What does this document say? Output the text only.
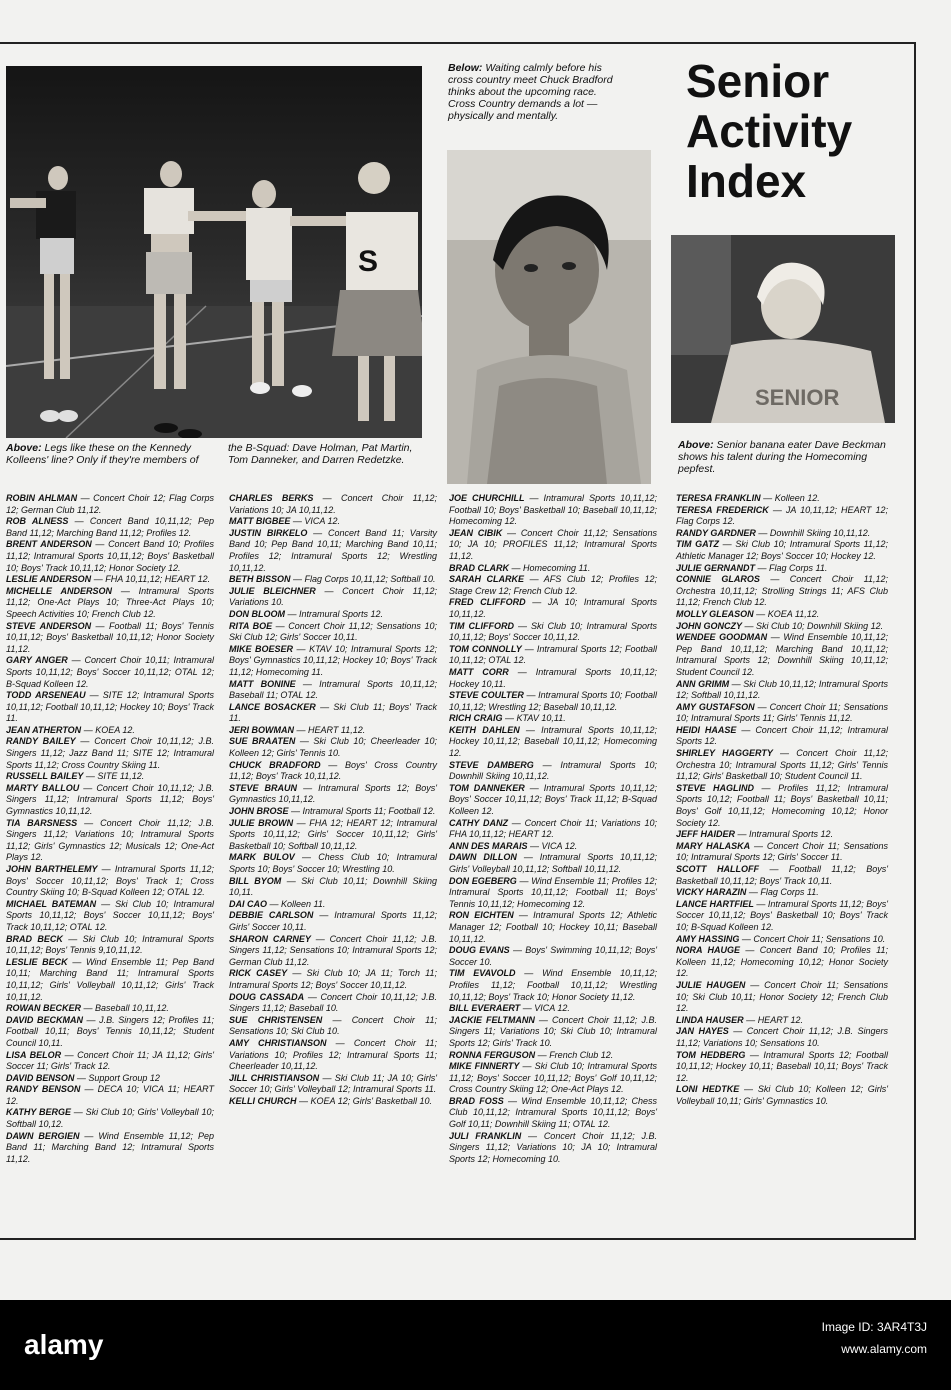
S
Above: Legs like these on the Kennedy Kolleens' line? Only if they're members of
the B-Squad: Dave Holman, Pat Martin, Tom Danneker, and Darren Redetzke.
Below: Waiting calmly before his cross country meet Chuck Bradford thinks about the upcoming race. Cross Country demands a lot — physically and mentally.
Senior
Activity
Index
SENIOR
Above: Senior banana eater Dave Beckman shows his talent during the Homecoming pepfest.

ROBIN AHLMAN — Concert Choir 12; Flag Corps 12; German Club 11,12.

ROB ALNESS — Concert Band 10,11,12; Pep Band 11,12; Marching Band 11,12; Profiles 12.

BRENT ANDERSON — Concert Band 10; Profiles 11,12; Intramural Sports 10,11,12; Boys' Basketball 10; Boys' Track 10,11,12; Honor Society 12.

LESLIE ANDERSON — FHA 10,11,12; HEART 12.

MICHELLE ANDERSON — Intramural Sports 11,12; One-Act Plays 10; Three-Act Plays 10; Speech Activities 10; French Club 12.

STEVE ANDERSON — Football 11; Boys' Tennis 10,11,12; Boys' Basketball 10,11,12; Honor Society 11,12.

GARY ANGER — Concert Choir 10,11; Intramural Sports 10,11,12; Boys' Soccer 10,11,12; OTAL 12; B-Squad Kolleen 12.

TODD ARSENEAU — SITE 12; Intramural Sports 10,11,12; Football 10,11,12; Hockey 10; Boys' Track 11.

JEAN ATHERTON — KOEA 12.

RANDY BAILEY — Concert Choir 10,11,12; J.B. Singers 11,12; Jazz Band 11; SITE 12; Intramural Sports 11,12; Cross Country Skiing 11.

RUSSELL BAILEY — SITE 11,12.

MARTY BALLOU — Concert Choir 10,11,12; J.B. Singers 11,12; Intramural Sports 11,12; Boys' Gymnastics 10,11,12.

TIA BARSNESS — Concert Choir 11,12; J.B. Singers 11,12; Variations 10; Intramural Sports 11,12; Girls' Gymnastics 12; Musicals 12; One-Act Plays 12.

JOHN BARTHELEMY — Intramural Sports 11,12; Boys' Soccer 10,11,12; Boys' Track 1; Cross Country Skiing 10; B-Squad Kolleen 12; OTAL 12.

MICHAEL BATEMAN — Ski Club 10; Intramural Sports 10,11,12; Boys' Soccer 10,11,12; Boys' Track 10,11,12; OTAL 12.

BRAD BECK — Ski Club 10; Intramural Sports 10,11,12; Boys' Tennis 9,10,11,12.

LESLIE BECK — Wind Ensemble 11; Pep Band 10,11; Marching Band 11; Intramural Sports 10,11,12; Girls' Volleyball 10,11,12; Girls' Track 10,11,12.

ROWAN BECKER — Baseball 10,11,12.

DAVID BECKMAN — J.B. Singers 12; Profiles 11; Football 10,11; Boys' Tennis 10,11,12; Student Council 10,11.

LISA BELOR — Concert Choir 11; JA 11,12; Girls' Soccer 11; Girls' Track 12.

DAVID BENSON — Support Group 12

RANDY BENSON — DECA 10; VICA 11; HEART 12.

KATHY BERGE — Ski Club 10; Girls' Volleyball 10; Softball 10,12.

DAWN BERGIEN — Wind Ensemble 11,12; Pep Band 11; Marching Band 12; Intramural Sports 11,12.

CHARLES BERKS — Concert Choir 11,12; Variations 10; JA 10,11,12.

MATT BIGBEE — VICA 12.

JUSTIN BIRKELO — Concert Band 11; Varsity Band 10; Pep Band 10,11; Marching Band 10,11; Profiles 12; Intramural Sports 12; Wrestling 10,11,12.

BETH BISSON — Flag Corps 10,11,12; Softball 10.

JULIE BLEICHNER — Concert Choir 11,12; Variations 10.

DON BLOOM — Intramural Sports 12.

RITA BOE — Concert Choir 11,12; Sensations 10; Ski Club 12; Girls' Soccer 10,11.

MIKE BOESER — KTAV 10; Intramural Sports 12; Boys' Gymnastics 10,11,12; Hockey 10; Boys' Track 11,12; Homecoming 11.

MATT BONINE — Intramural Sports 10,11,12; Baseball 11; OTAL 12.

LANCE BOSACKER — Ski Club 11; Boys' Track 11.

JERI BOWMAN — HEART 11,12.

SUE BRAATEN — Ski Club 10; Cheerleader 10; Kolleen 12; Girls' Tennis 10.

CHUCK BRADFORD — Boys' Cross Country 11,12; Boys' Track 10,11,12.

STEVE BRAUN — Intramural Sports 12; Boys' Gymnastics 10,11,12.

JOHN BROSE — Intramural Sports 11; Football 12.

JULIE BROWN — FHA 12; HEART 12; Intramural Sports 10,11,12; Girls' Soccer 10,11,12; Girls' Basketball 10; Softball 10,11,12.

MARK BULOV — Chess Club 10; Intramural Sports 10; Boys' Soccer 10; Wrestling 10.

BILL BYOM — Ski Club 10,11; Downhill Skiing 10,11.

DAI CAO — Kolleen 11.

DEBBIE CARLSON — Intramural Sports 11,12; Girls' Soccer 10,11.

SHARON CARNEY — Concert Choir 11,12; J.B. Singers 11,12; Sensations 10; Intramural Sports 12; German Club 11,12.

RICK CASEY — Ski Club 10; JA 11; Torch 11; Intramural Sports 12; Boys' Soccer 10,11,12.

DOUG CASSADA — Concert Choir 10,11,12; J.B. Singers 11,12; Baseball 10.

SUE CHRISTENSEN — Concert Choir 11; Sensations 10; Ski Club 10.

AMY CHRISTIANSON — Concert Choir 11; Variations 10; Profiles 12; Intramural Sports 11; Cheerleader 10,11,12.

JILL CHRISTIANSON — Ski Club 11; JA 10; Girls' Soccer 10; Girls' Volleyball 12; Intramural Sports 11.

KELLI CHURCH — KOEA 12; Girls' Basketball 10.

JOE CHURCHILL — Intramural Sports 10,11,12; Football 10; Boys' Basketball 10; Baseball 10,11,12; Homecoming 12.

JEAN CIBIK — Concert Choir 11,12; Sensations 10; JA 10; PROFILES 11,12; Intramural Sports 11,12.

BRAD CLARK — Homecoming 11.

SARAH CLARKE — AFS Club 12; Profiles 12; Stage Crew 12; French Club 12.

FRED CLIFFORD — JA 10; Intramural Sports 10,11,12.

TIM CLIFFORD — Ski Club 10; Intramural Sports 10,11,12; Boys' Soccer 10,11,12.

TOM CONNOLLY — Intramural Sports 12; Football 10,11,12; OTAL 12.

MATT CORR — Intramural Sports 10,11,12; Hockey 10,11.

STEVE COULTER — Intramural Sports 10; Football 10,11,12; Wrestling 12; Baseball 10,11,12.

RICH CRAIG — KTAV 10,11.

KEITH DAHLEN — Intramural Sports 10,11,12; Hockey 10,11,12; Baseball 10,11,12; Homecoming 12.

STEVE DAMBERG — Intramural Sports 10; Downhill Skiing 10,11,12.

TOM DANNEKER — Intramural Sports 10,11,12; Boys' Soccer 10,11,12; Boys' Track 11,12; B-Squad Kolleen 12.

CATHY DANZ — Concert Choir 11; Variations 10; FHA 10,11,12; HEART 12.

ANN DES MARAIS — VICA 12.

DAWN DILLON — Intramural Sports 10,11,12; Girls' Volleyball 10,11,12; Softball 10,11,12.

DON EGEBERG — Wind Ensemble 11; Profiles 12; Intramural Sports 10,11,12; Football 11; Boys' Tennis 10,11,12; Homecoming 12.

RON EICHTEN — Intramural Sports 12; Athletic Manager 12; Football 10; Hockey 10,11; Baseball 10,11,12.

DOUG EVANS — Boys' Swimming 10,11,12; Boys' Soccer 10.

TIM EVAVOLD — Wind Ensemble 10,11,12; Profiles 11,12; Football 10,11,12; Wrestling 10,11,12; Boys' Track 10; Honor Society 11,12.

BILL EVERAERT — VICA 12.

JACKIE FELTMANN — Concert Choir 11,12; J.B. Singers 11; Variations 10; Ski Club 10; Intramural Sports 12; Girls' Track 10.

RONNA FERGUSON — French Club 12.

MIKE FINNERTY — Ski Club 10; Intramural Sports 11,12; Boys' Soccer 10,11,12; Boys' Golf 10,11,12; Cross Country Skiing 12; One-Act Plays 12.

BRAD FOSS — Wind Ensemble 10,11,12; Chess Club 10,11,12; Intramural Sports 10,11,12; Boys' Golf 10,11; Downhill Skiing 11; OTAL 12.

JULI FRANKLIN — Concert Choir 11,12; J.B. Singers 11,12; Variations 10; JA 10; Intramural Sports 12; Homecoming 10.

TERESA FRANKLIN — Kolleen 12.

TERESA FREDERICK — JA 10,11,12; HEART 12; Flag Corps 12.

RANDY GARDNER — Downhill Skiing 10,11,12.

TIM GATZ — Ski Club 10; Intramural Sports 11,12; Athletic Manager 12; Boys' Soccer 10; Hockey 12.

JULIE GERNANDT — Flag Corps 11.

CONNIE GLAROS — Concert Choir 11,12; Orchestra 10,11,12; Strolling Strings 11; AFS Club 11,12; French Club 12.

MOLLY GLEASON — KOEA 11,12.

JOHN GONCZY — Ski Club 10; Downhill Skiing 12.

WENDEE GOODMAN — Wind Ensemble 10,11,12; Pep Band 10,11,12; Marching Band 10,11,12; Intramural Sports 12; Downhill Skiing 10,11,12; Student Council 12.

ANN GRIMM — Ski Club 10,11,12; Intramural Sports 12; Softball 10,11,12.

AMY GUSTAFSON — Concert Choir 11; Sensations 10; Intramural Sports 11; Girls' Tennis 11,12.

HEIDI HAASE — Concert Choir 11,12; Intramural Sports 12.

SHIRLEY HAGGERTY — Concert Choir 11,12; Orchestra 10; Intramural Sports 11,12; Girls' Tennis 11,12; Girls' Basketball 10; Student Council 11.

STEVE HAGLIND — Profiles 11,12; Intramural Sports 10,12; Football 11; Boys' Basketball 10,11; Boys' Golf 10,11,12; Homecoming 10,12; Honor Society 12.

JEFF HAIDER — Intramural Sports 12.

MARY HALASKA — Concert Choir 11; Sensations 10; Intramural Sports 12; Girls' Soccer 11.

SCOTT HALLOFF — Football 11,12; Boys' Basketball 10,11,12; Boys' Track 10,11.

VICKY HARAZIN — Flag Corps 11.

LANCE HARTFIEL — Intramural Sports 11,12; Boys' Soccer 10,11,12; Boys' Basketball 10; Boys' Track 10; B-Squad Kolleen 12.

AMY HASSING — Concert Choir 11; Sensations 10.

NORA HAUGE — Concert Band 10; Profiles 11; Kolleen 11,12; Homecoming 10,12; Honor Society 12.

JULIE HAUGEN — Concert Choir 11; Sensations 10; Ski Club 10,11; Honor Society 12; French Club 12.

LINDA HAUSER — HEART 12.

JAN HAYES — Concert Choir 11,12; J.B. Singers 11,12; Variations 10; Sensations 10.

TOM HEDBERG — Intramural Sports 12; Football 10,11,12; Hockey 10,11; Baseball 10,11; Boys' Track 12.

LONI HEDTKE — Ski Club 10; Kolleen 12; Girls' Volleyball 10,11; Girls' Gymnastics 10.

alamy
Image ID: 3AR4T3J
www.alamy.com
